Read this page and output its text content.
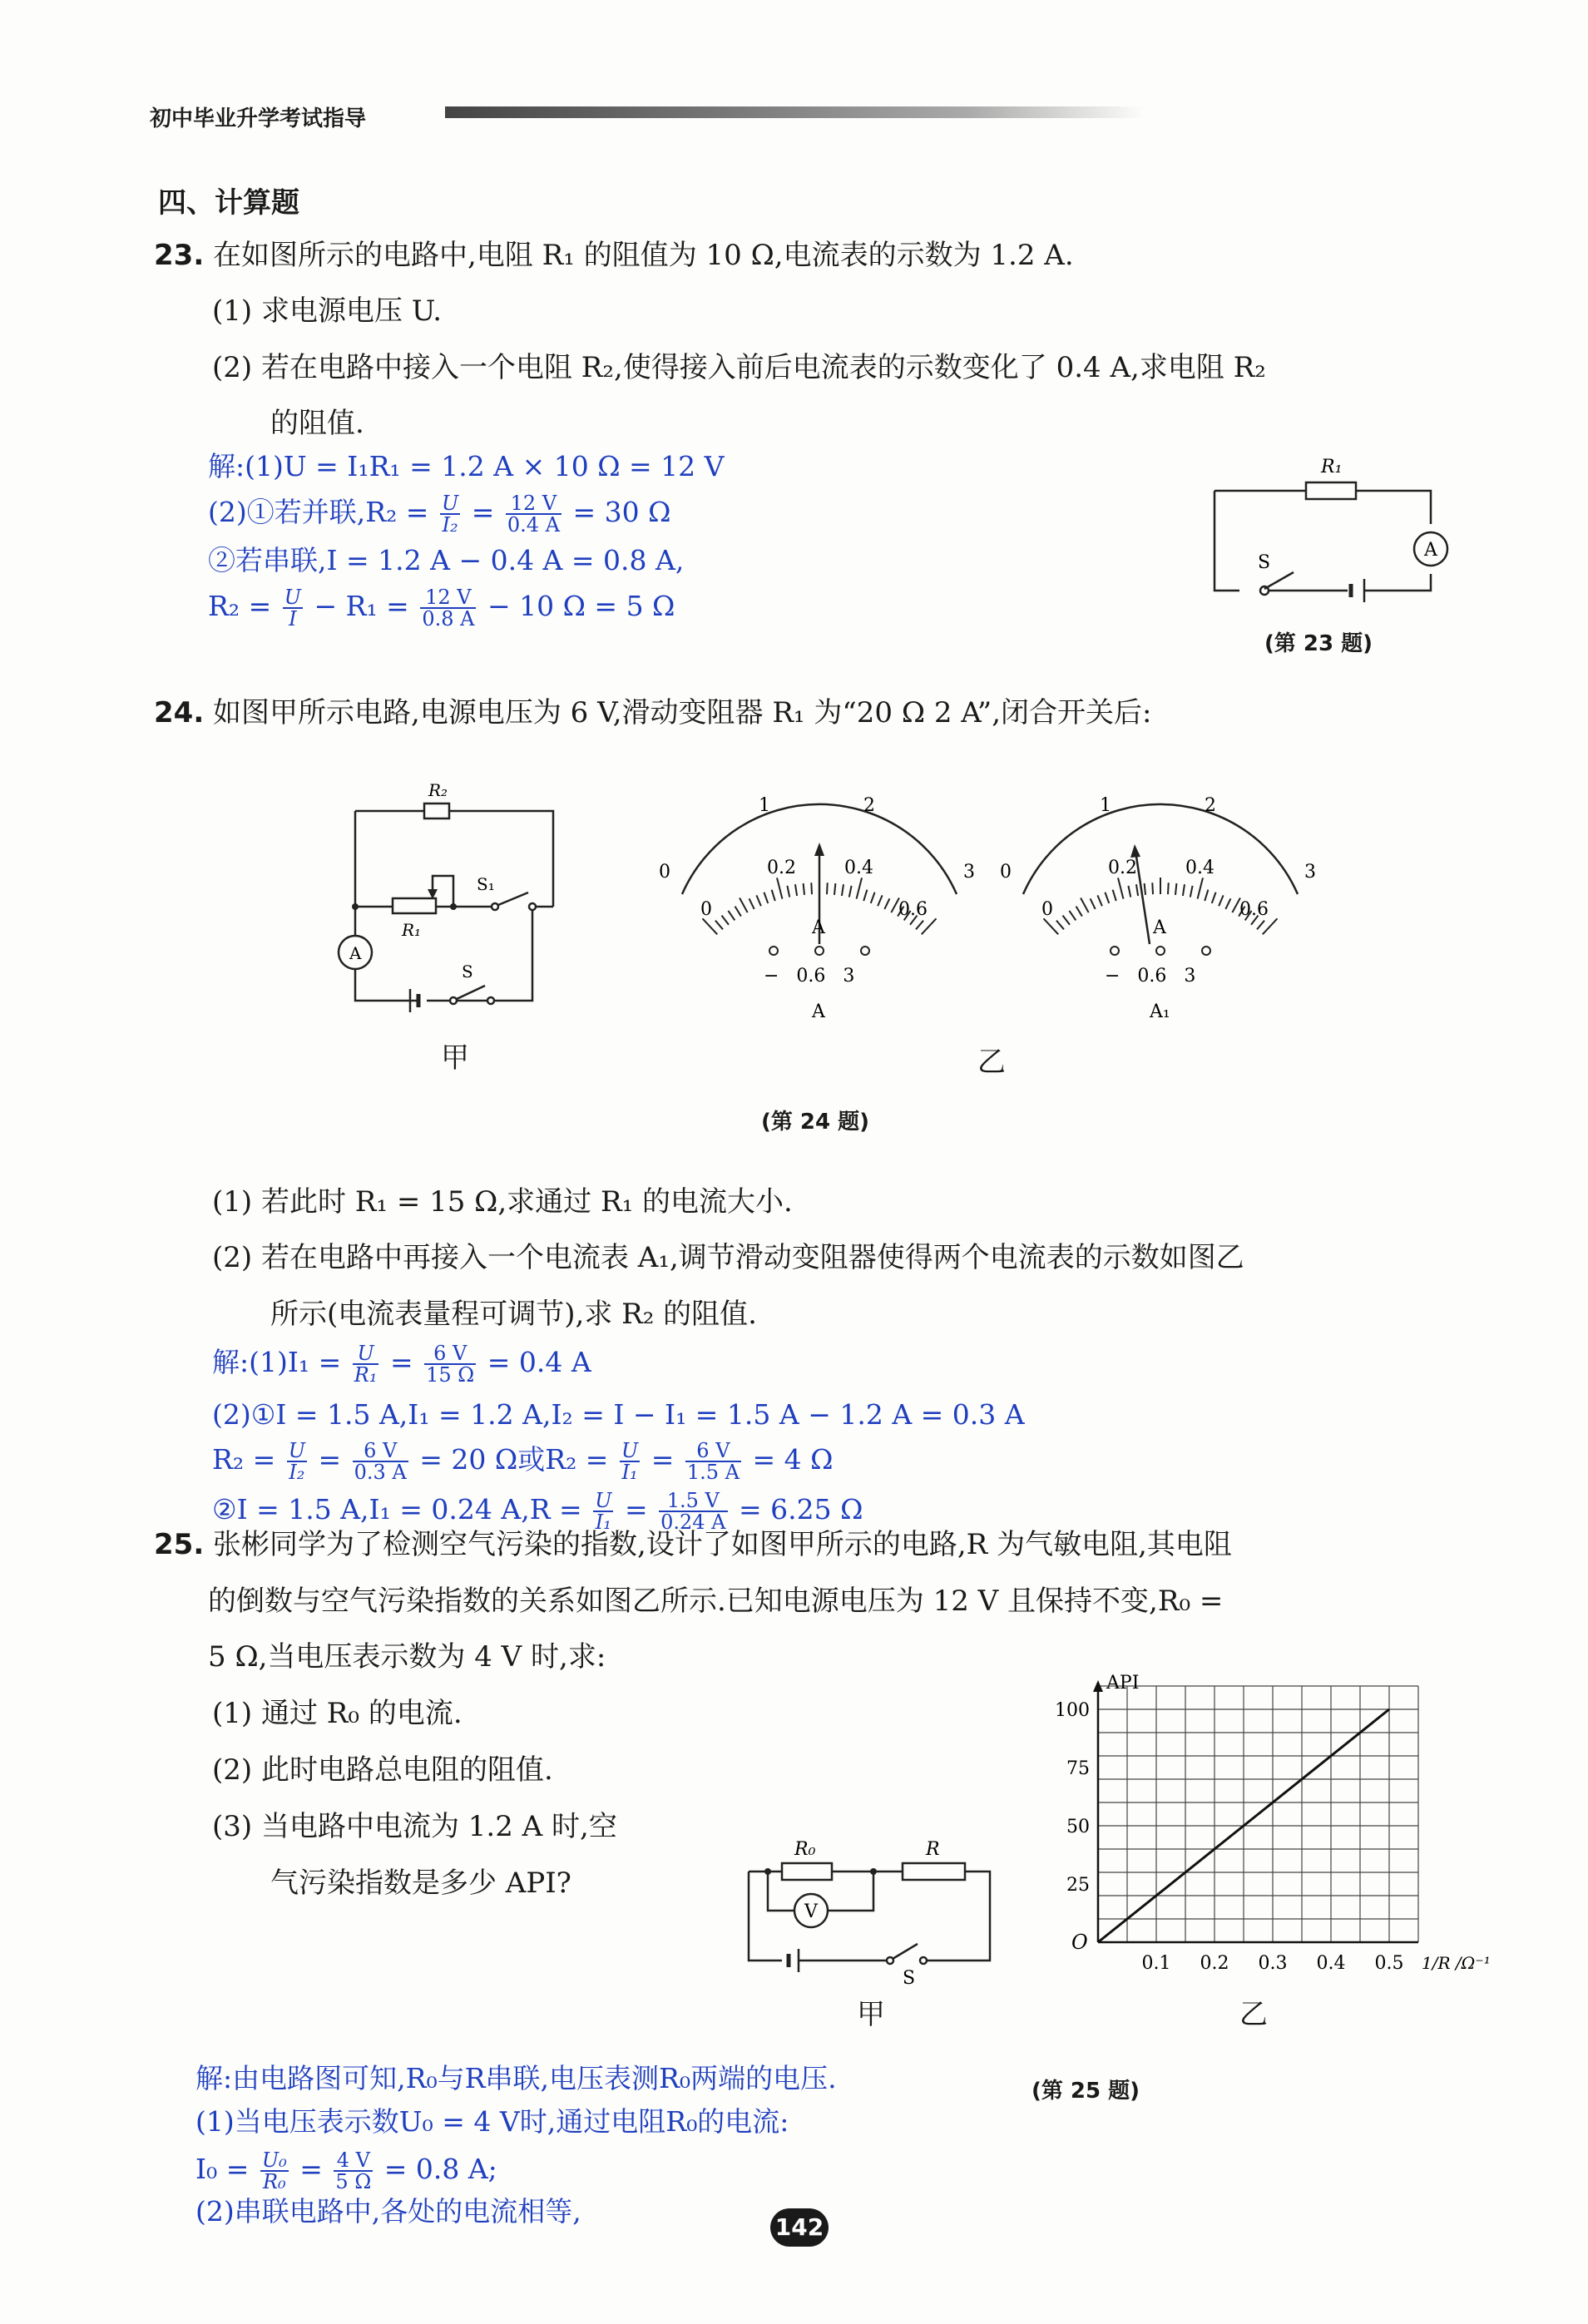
初中毕业升学考试指导
四、计算题
23. 在如图所示的电路中,电阻 R₁ 的阻值为 10 Ω,电流表的示数为 1.2 A.
(1) 求电源电压 U.
(2) 若在电路中接入一个电阻 R₂,使得接入前后电流表的示数变化了 0.4 A,求电阻 R₂
的阻值.
解:(1)U = I₁R₁ = 1.2 A × 10 Ω = 12 V
(2)①若并联$,R_2 = \frac{U}{\text{I₂}} = \frac{12 V}{0.4 A} = 30$ Ω
②若串联,I = 1.2 A − 0.4 A = 0.8 A,
$R_2 = \frac{U}{I} - R_1 = \frac{12 V}{0.8 A} - 10$ Ω = 5 Ω
R₁
A
S
(第 23 题)
24. 如图甲所示电路,电源电压为 6 V,滑动变阻器 R₁ 为“20 Ω 2 A”,闭合开关后:
R₂
R₁
S₁
S
A
甲
0
1	2
3
0
0.2	0.4
0.6
A
−   0.6   3
A
0
1	2
3
0
0.2	0.4
0.6
A
−   0.6   3
A₁
乙
(第 24 题)
(1) 若此时 R₁ = 15 Ω,求通过 R₁ 的电流大小.
(2) 若在电路中再接入一个电流表 A₁,调节滑动变阻器使得两个电流表的示数如图乙
所示(电流表量程可调节),求 R₂ 的阻值.
解:(1)I₁ = $\frac{U}{\text{R₁}} = \frac{6 V}{15 \Omega} = 0.4$ A
(2)①I = 1.5 A,I₁ = 1.2 A,I₂ = I − I₁ = 1.5 A − 1.2 A = 0.3 A
$R_2 = \frac{U}{\text{I₂}} = \frac{6 V}{0.3 A} = 20$ Ω或$R_2 = \frac{U}{\text{I₁}} = \frac{6 V}{1.5 A} = 4$ Ω
②I = 1.5 A,I₁ = 0.24 $A,R = \frac{U}{\text{I₁}} = \frac{1.5 V}{0.24 A} = 6.25$ Ω
25. 张彬同学为了检测空气污染的指数,设计了如图甲所示的电路,R 为气敏电阻,其电阻
的倒数与空气污染指数的关系如图乙所示.已知电源电压为 12 V 且保持不变,R₀ =
5 Ω,当电压表示数为 4 V 时,求:
(1) 通过 R₀ 的电流.
(2) 此时电路总电阻的阻值.
(3) 当电路中电流为 1.2 A 时,空
气污染指数是多少 API?
R₀	R
V
S
甲
API
O
25
50
75
100
0.1 0.2 0.3 0.4 0.5 1/R /Ω⁻¹
乙
(第 25 题)
解:由电路图可知,R₀与R串联,电压表测R₀两端的电压.
(1)当电压表示数U₀ = 4 V时,通过电阻R₀的电流:
$I_0 = \frac{\text{U₀}}{\text{R₀}} = \frac{4 V}{5 \Omega} = 0.8$ A;
(2)串联电路中,各处的电流相等,	142
